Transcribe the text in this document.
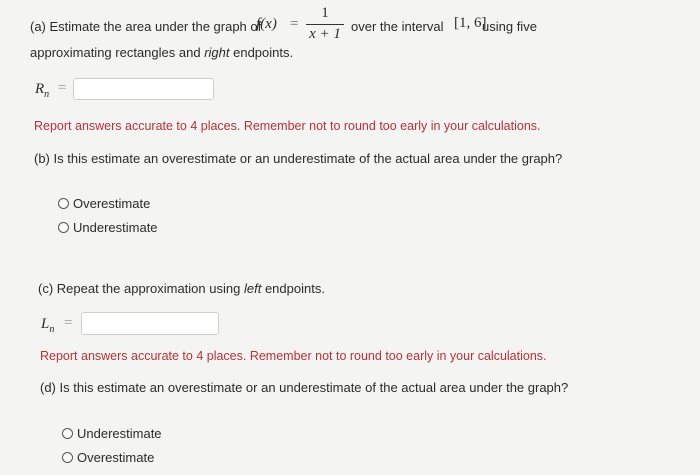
(a) Estimate the area under the graph of
f(x) =
1
x + 1 over the interval [1, 6]
using five
approximating rectangles and right endpoints.
$R_n$ =
Report answers accurate to 4 places. Remember not to round too early in your calculations.
(b) Is this estimate an overestimate or an underestimate of the actual area under the graph?
Overestimate
Underestimate
(c) Repeat the approximation using left endpoints.
$L_n$ =
Report answers accurate to 4 places. Remember not to round too early in your calculations.
(d) Is this estimate an overestimate or an underestimate of the actual area under the graph?
Underestimate
Overestimate
